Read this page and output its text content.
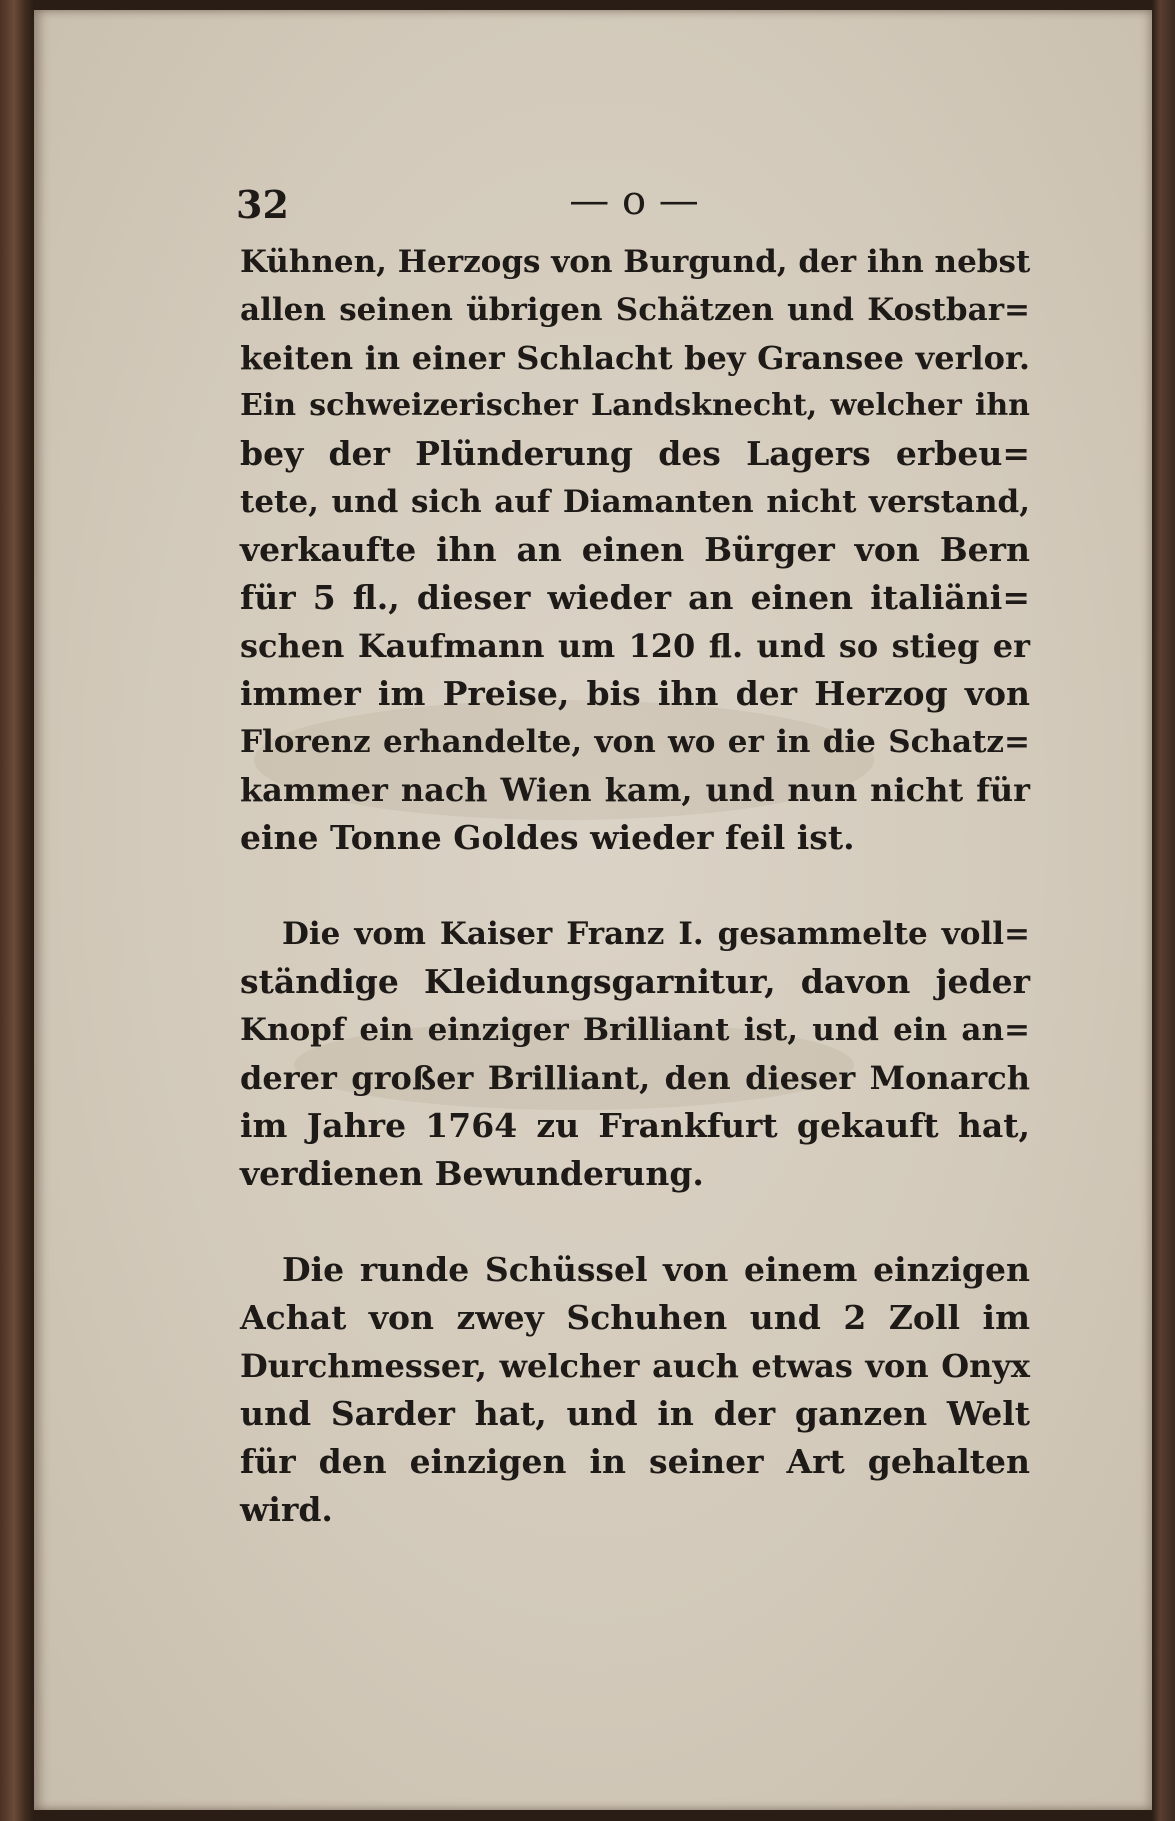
32	— o —
Kühnen, Herzogs von Burgund, der ihn nebst
allen seinen übrigen Schätzen und Kostbar=
keiten in einer Schlacht bey Gransee verlor.
Ein schweizerischer Landsknecht, welcher ihn
bey der Plünderung des Lagers erbeu=
tete, und sich auf Diamanten nicht verstand,
verkaufte ihn an einen Bürger von Bern
für 5 fl., dieser wieder an einen italiäni=
schen Kaufmann um 120 fl. und so stieg er
immer im Preise, bis ihn der Herzog von
Florenz erhandelte, von wo er in die Schatz=
kammer nach Wien kam, und nun nicht für
eine Tonne Goldes wieder feil ist.
Die vom Kaiser Franz I. gesammelte voll=
ständige Kleidungsgarnitur, davon jeder
Knopf ein einziger Brilliant ist, und ein an=
derer großer Brilliant, den dieser Monarch
im Jahre 1764 zu Frankfurt gekauft hat,
verdienen Bewunderung.
Die runde Schüssel von einem einzigen
Achat von zwey Schuhen und 2 Zoll im
Durchmesser, welcher auch etwas von Onyx
und Sarder hat, und in der ganzen Welt
für den einzigen in seiner Art gehalten
wird.
